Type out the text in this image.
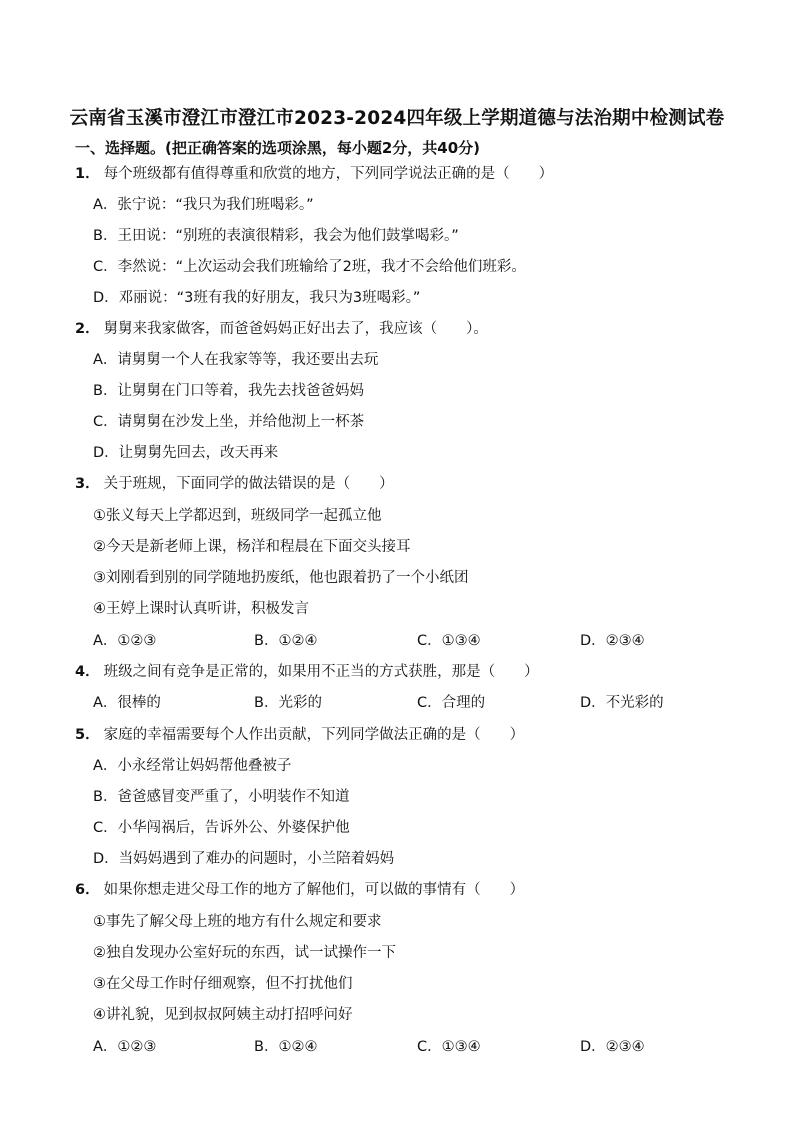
云南省玉溪市澄江市澄江市2023-2024四年级上学期道德与法治期中检测试卷
一、选择题。(把正确答案的选项涂黑，每小题2分，共40分)
1． 每个班级都有值得尊重和欣赏的地方，下列同学说法正确的是（　　）
A．张宁说：“我只为我们班喝彩。”
B．王田说：“别班的表演很精彩，我会为他们鼓掌喝彩。”
C．李然说：“上次运动会我们班输给了2班，我才不会给他们班彩。
D．邓丽说：“3班有我的好朋友，我只为3班喝彩。”
2． 舅舅来我家做客，而爸爸妈妈正好出去了，我应该（　　）。
A．请舅舅一个人在我家等等，我还要出去玩
B．让舅舅在门口等着，我先去找爸爸妈妈
C．请舅舅在沙发上坐，并给他沏上一杯茶
D．让舅舅先回去，改天再来
3． 关于班规，下面同学的做法错误的是（　　）
①张义每天上学都迟到，班级同学一起孤立他
②今天是新老师上课，杨洋和程晨在下面交头接耳
③刘刚看到别的同学随地扔废纸，他也跟着扔了一个小纸团
④王婷上课时认真听讲，积极发言
A．①②③	B．①②④	C．①③④	D．②③④
4． 班级之间有竞争是正常的，如果用不正当的方式获胜，那是（　　）
A．很棒的	B．光彩的	C．合理的	D．不光彩的
5． 家庭的幸福需要每个人作出贡献，下列同学做法正确的是（　　）
A．小永经常让妈妈帮他叠被子
B．爸爸感冒变严重了，小明装作不知道
C．小华闯祸后，告诉外公、外婆保护他
D．当妈妈遇到了难办的问题时，小兰陪着妈妈
6． 如果你想走进父母工作的地方了解他们，可以做的事情有（　　）
①事先了解父母上班的地方有什么规定和要求
②独自发现办公室好玩的东西，试一试操作一下
③在父母工作时仔细观察，但不打扰他们
④讲礼貌，见到叔叔阿姨主动打招呼问好
A．①②③	B．①②④	C．①③④	D．②③④
